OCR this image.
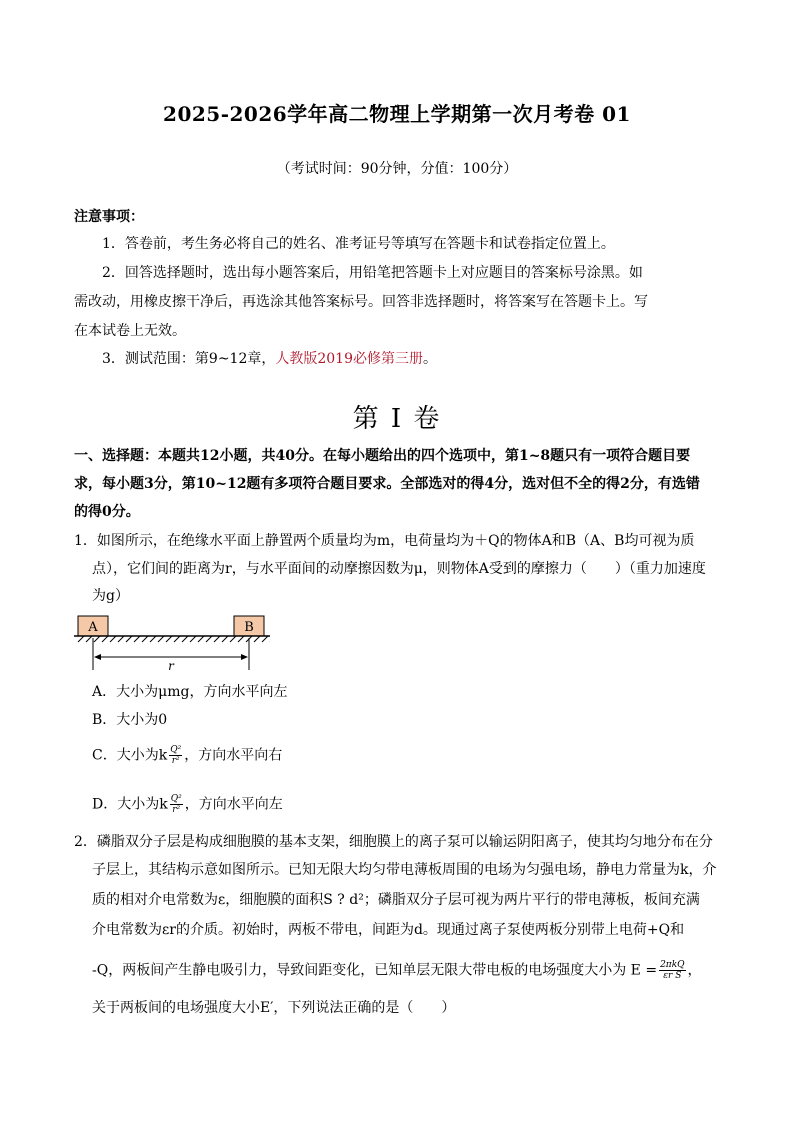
2025-2026学年高二物理上学期第一次月考卷 01
（考试时间：90分钟，分值：100分）
注意事项：
1．答卷前，考生务必将自己的姓名、准考证号等填写在答题卡和试卷指定位置上。
2．回答选择题时，选出每小题答案后，用铅笔把答题卡上对应题目的答案标号涂黑。如
需改动，用橡皮擦干净后，再选涂其他答案标号。回答非选择题时，将答案写在答题卡上。写
在本试卷上无效。
3．测试范围：第9~12章，人教版2019必修第三册。
第 I 卷
一、选择题：本题共12小题，共40分。在每小题给出的四个选项中，第1~8题只有一项符合题目要
求，每小题3分，第10~12题有多项符合题目要求。全部选对的得4分，选对但不全的得2分，有选错
的得0分。
1．如图所示，在绝缘水平面上静置两个质量均为m，电荷量均为＋Q的物体A和B（A、B均可视为质
点），它们间的距离为r，与水平面间的动摩擦因数为μ，则物体A受到的摩擦力（　　）（重力加速度
为g）
A	B
r
A．大小为μmg，方向水平向左
B．大小为0
C．大小为k $\frac{\text{Q²}}{\text{r²}}$ ，方向水平向右
D．大小为k $\frac{\text{Q²}}{\text{r²}}$ ，方向水平向左
2．磷脂双分子层是构成细胞膜的基本支架，细胞膜上的离子泵可以输运阴阳离子，使其均匀地分布在分
子层上，其结构示意如图所示。已知无限大均匀带电薄板周围的电场为匀强电场，静电力常量为k，介
质的相对介电常数为ε，细胞膜的面积S ? d²；磷脂双分子层可视为两片平行的带电薄板，板间充满
介电常数为εr的介质。初始时，两板不带电，间距为d。现通过离子泵使两板分别带上电荷+Q和
-Q，两板间产生静电吸引力，导致间距变化，已知单层无限大带电板的电场强度大小为 $E = \frac{\text{2πkQ}}{\text{εr S}}$ ，
关于两板间的电场强度大小E′，下列说法正确的是（　　）
